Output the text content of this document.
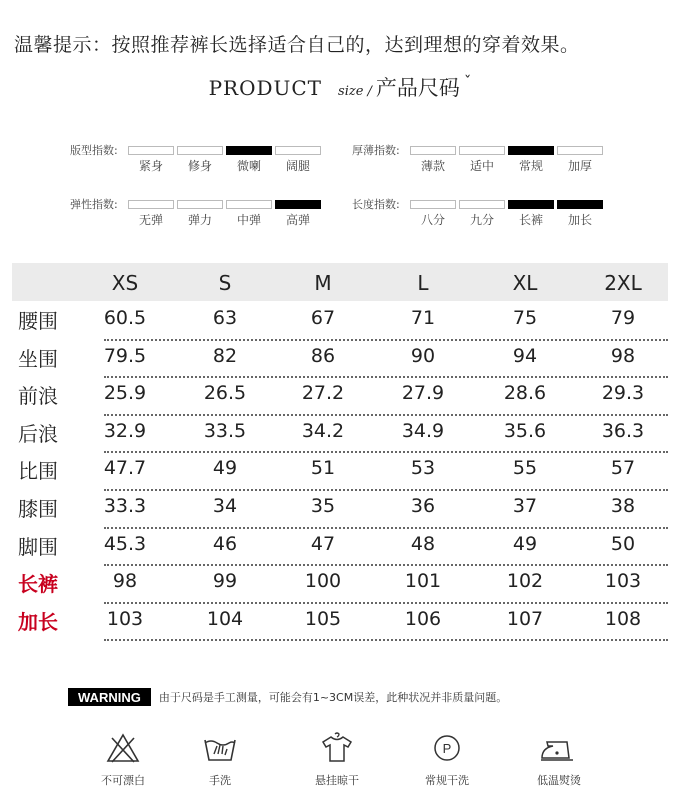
温馨提示：按照推荐裤长选择适合自己的，达到理想的穿着效果。
PRODUCT size / 产品尺码 ˇ
版型指数:
紧身	修身	微喇	阔腿
厚薄指数:
薄款	适中	常规	加厚
弹性指数:
无弹	弹力	中弹	高弹
长度指数:
八分	九分	长裤	加长
XS	S	M	L	XL	2XL
腰围	60.5	63	67	71	75	79
坐围	79.5	82	86	90	94	98
前浪	25.9	26.5	27.2	27.9	28.6	29.3
后浪	32.9	33.5	34.2	34.9	35.6	36.3
比围	47.7	49	51	53	55	57
膝围	33.3	34	35	36	37	38
脚围	45.3	46	47	48	49	50
长裤	98	99	100	101	102	103
加长	103	104	105	106	107	108
WARNING	由于尺码是手工测量，可能会有1~3CM误差，此种状况并非质量问题。
不可漂白	手洗	悬挂晾干
P
常规干洗	低温熨烫
